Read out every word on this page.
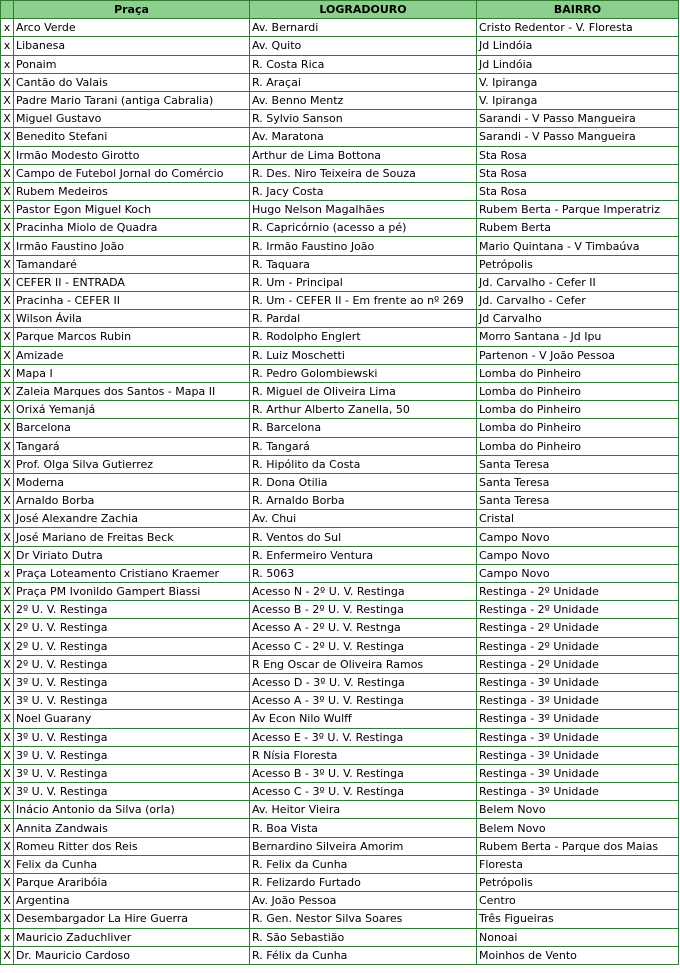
	Praça	LOGRADOURO	BAIRRO
x	Arco Verde	Av. Bernardi	Cristo Redentor - V. Floresta
x	Libanesa	Av. Quito	Jd Lindóia
x	Ponaim	R. Costa Rica	Jd Lindóia
X	Cantão do Valais	R. Araçai	V. Ipiranga
X	Padre Mario Tarani (antiga Cabralia)	Av. Benno Mentz	V. Ipiranga
X	Miguel Gustavo	R. Sylvio Sanson	Sarandi - V Passo Mangueira
X	Benedito Stefani	Av. Maratona	Sarandi - V Passo Mangueira
X	Irmão Modesto Girotto	Arthur de Lima Bottona	Sta Rosa
X	Campo de Futebol Jornal do Comércio	R. Des. Niro Teixeira de Souza	Sta Rosa
X	Rubem Medeiros	R. Jacy Costa	Sta Rosa
X	Pastor Egon Miguel Koch	Hugo Nelson Magalhães	Rubem Berta - Parque Imperatriz
X	Pracinha Miolo de Quadra	R. Capricórnio (acesso a pé)	Rubem Berta
X	Irmão Faustino João	R. Irmão Faustino João	Mario Quintana - V Timbaúva
X	Tamandaré	R. Taquara	Petrópolis
X	CEFER II - ENTRADA	R. Um - Principal	Jd. Carvalho - Cefer II
X	Pracinha - CEFER II	R. Um - CEFER II - Em frente ao nº 269	Jd. Carvalho - Cefer
X	Wilson Ávila	R. Pardal	Jd Carvalho
X	Parque Marcos Rubin	R. Rodolpho Englert	Morro Santana - Jd Ipu
X	Amizade	R. Luiz Moschetti	Partenon - V João Pessoa
X	Mapa I	R. Pedro Golombiewski	Lomba do Pinheiro
X	Zaleia Marques dos Santos - Mapa II	R. Miguel de Oliveira Lima	Lomba do Pinheiro
X	Orixá Yemanjá	R. Arthur Alberto Zanella, 50	Lomba do Pinheiro
X	Barcelona	R. Barcelona	Lomba do Pinheiro
X	Tangará	R. Tangará	Lomba do Pinheiro
X	Prof. Olga Silva Gutierrez	R. Hipólito da Costa	Santa Teresa
X	Moderna	R. Dona Otilia	Santa Teresa
X	Arnaldo Borba	R. Arnaldo Borba	Santa Teresa
X	José Alexandre Zachia	Av. Chui	Cristal
X	José Mariano de Freitas Beck	R. Ventos do Sul	Campo Novo
X	Dr Viriato Dutra	R. Enfermeiro Ventura	Campo Novo
x	Praça Loteamento Cristiano Kraemer	R. 5063	Campo Novo
X	Praça PM Ivonildo Gampert Biassi	Acesso N - 2º U. V. Restinga	Restinga - 2º Unidade
X	2º U. V. Restinga	Acesso B - 2º U. V. Restinga	Restinga - 2º Unidade
X	2º U. V. Restinga	Acesso A - 2º U. V. Restnga	Restinga - 2º Unidade
X	2º U. V. Restinga	Acesso C - 2º U. V. Restinga	Restinga - 2º Unidade
X	2º U. V. Restinga	R Eng Oscar de Oliveira Ramos	Restinga - 2º Unidade
X	3º U. V. Restinga	Acesso D - 3º U. V. Restinga	Restinga - 3º Unidade
X	3º U. V. Restinga	Acesso A - 3º U. V. Restinga	Restinga - 3º Unidade
X	Noel Guarany	Av Econ Nilo Wulff	Restinga - 3º Unidade
X	3º U. V. Restinga	Acesso E - 3º U. V. Restinga	Restinga - 3º Unidade
X	3º U. V. Restinga	R Nísia Floresta	Restinga - 3º Unidade
X	3º U. V. Restinga	Acesso B - 3º U. V. Restinga	Restinga - 3º Unidade
X	3º U. V. Restinga	Acesso C - 3º U. V. Restinga	Restinga - 3º Unidade
X	Inácio Antonio da Silva (orla)	Av. Heitor Vieira	Belem Novo
X	Annita Zandwais	R. Boa Vista	Belem Novo
X	Romeu Ritter dos Reis	Bernardino Silveira Amorim	Rubem Berta - Parque dos Maias
X	Felix da Cunha	R. Felix da Cunha	Floresta
X	Parque Araribóia	R. Felizardo Furtado	Petrópolis
X	Argentina	Av. João Pessoa	Centro
X	Desembargador La Hire Guerra	R. Gen. Nestor Silva Soares	Três Figueiras
x	Mauricio Zaduchliver	R. São Sebastião	Nonoai
X	Dr. Mauricio Cardoso	R. Félix da Cunha	Moinhos de Vento
